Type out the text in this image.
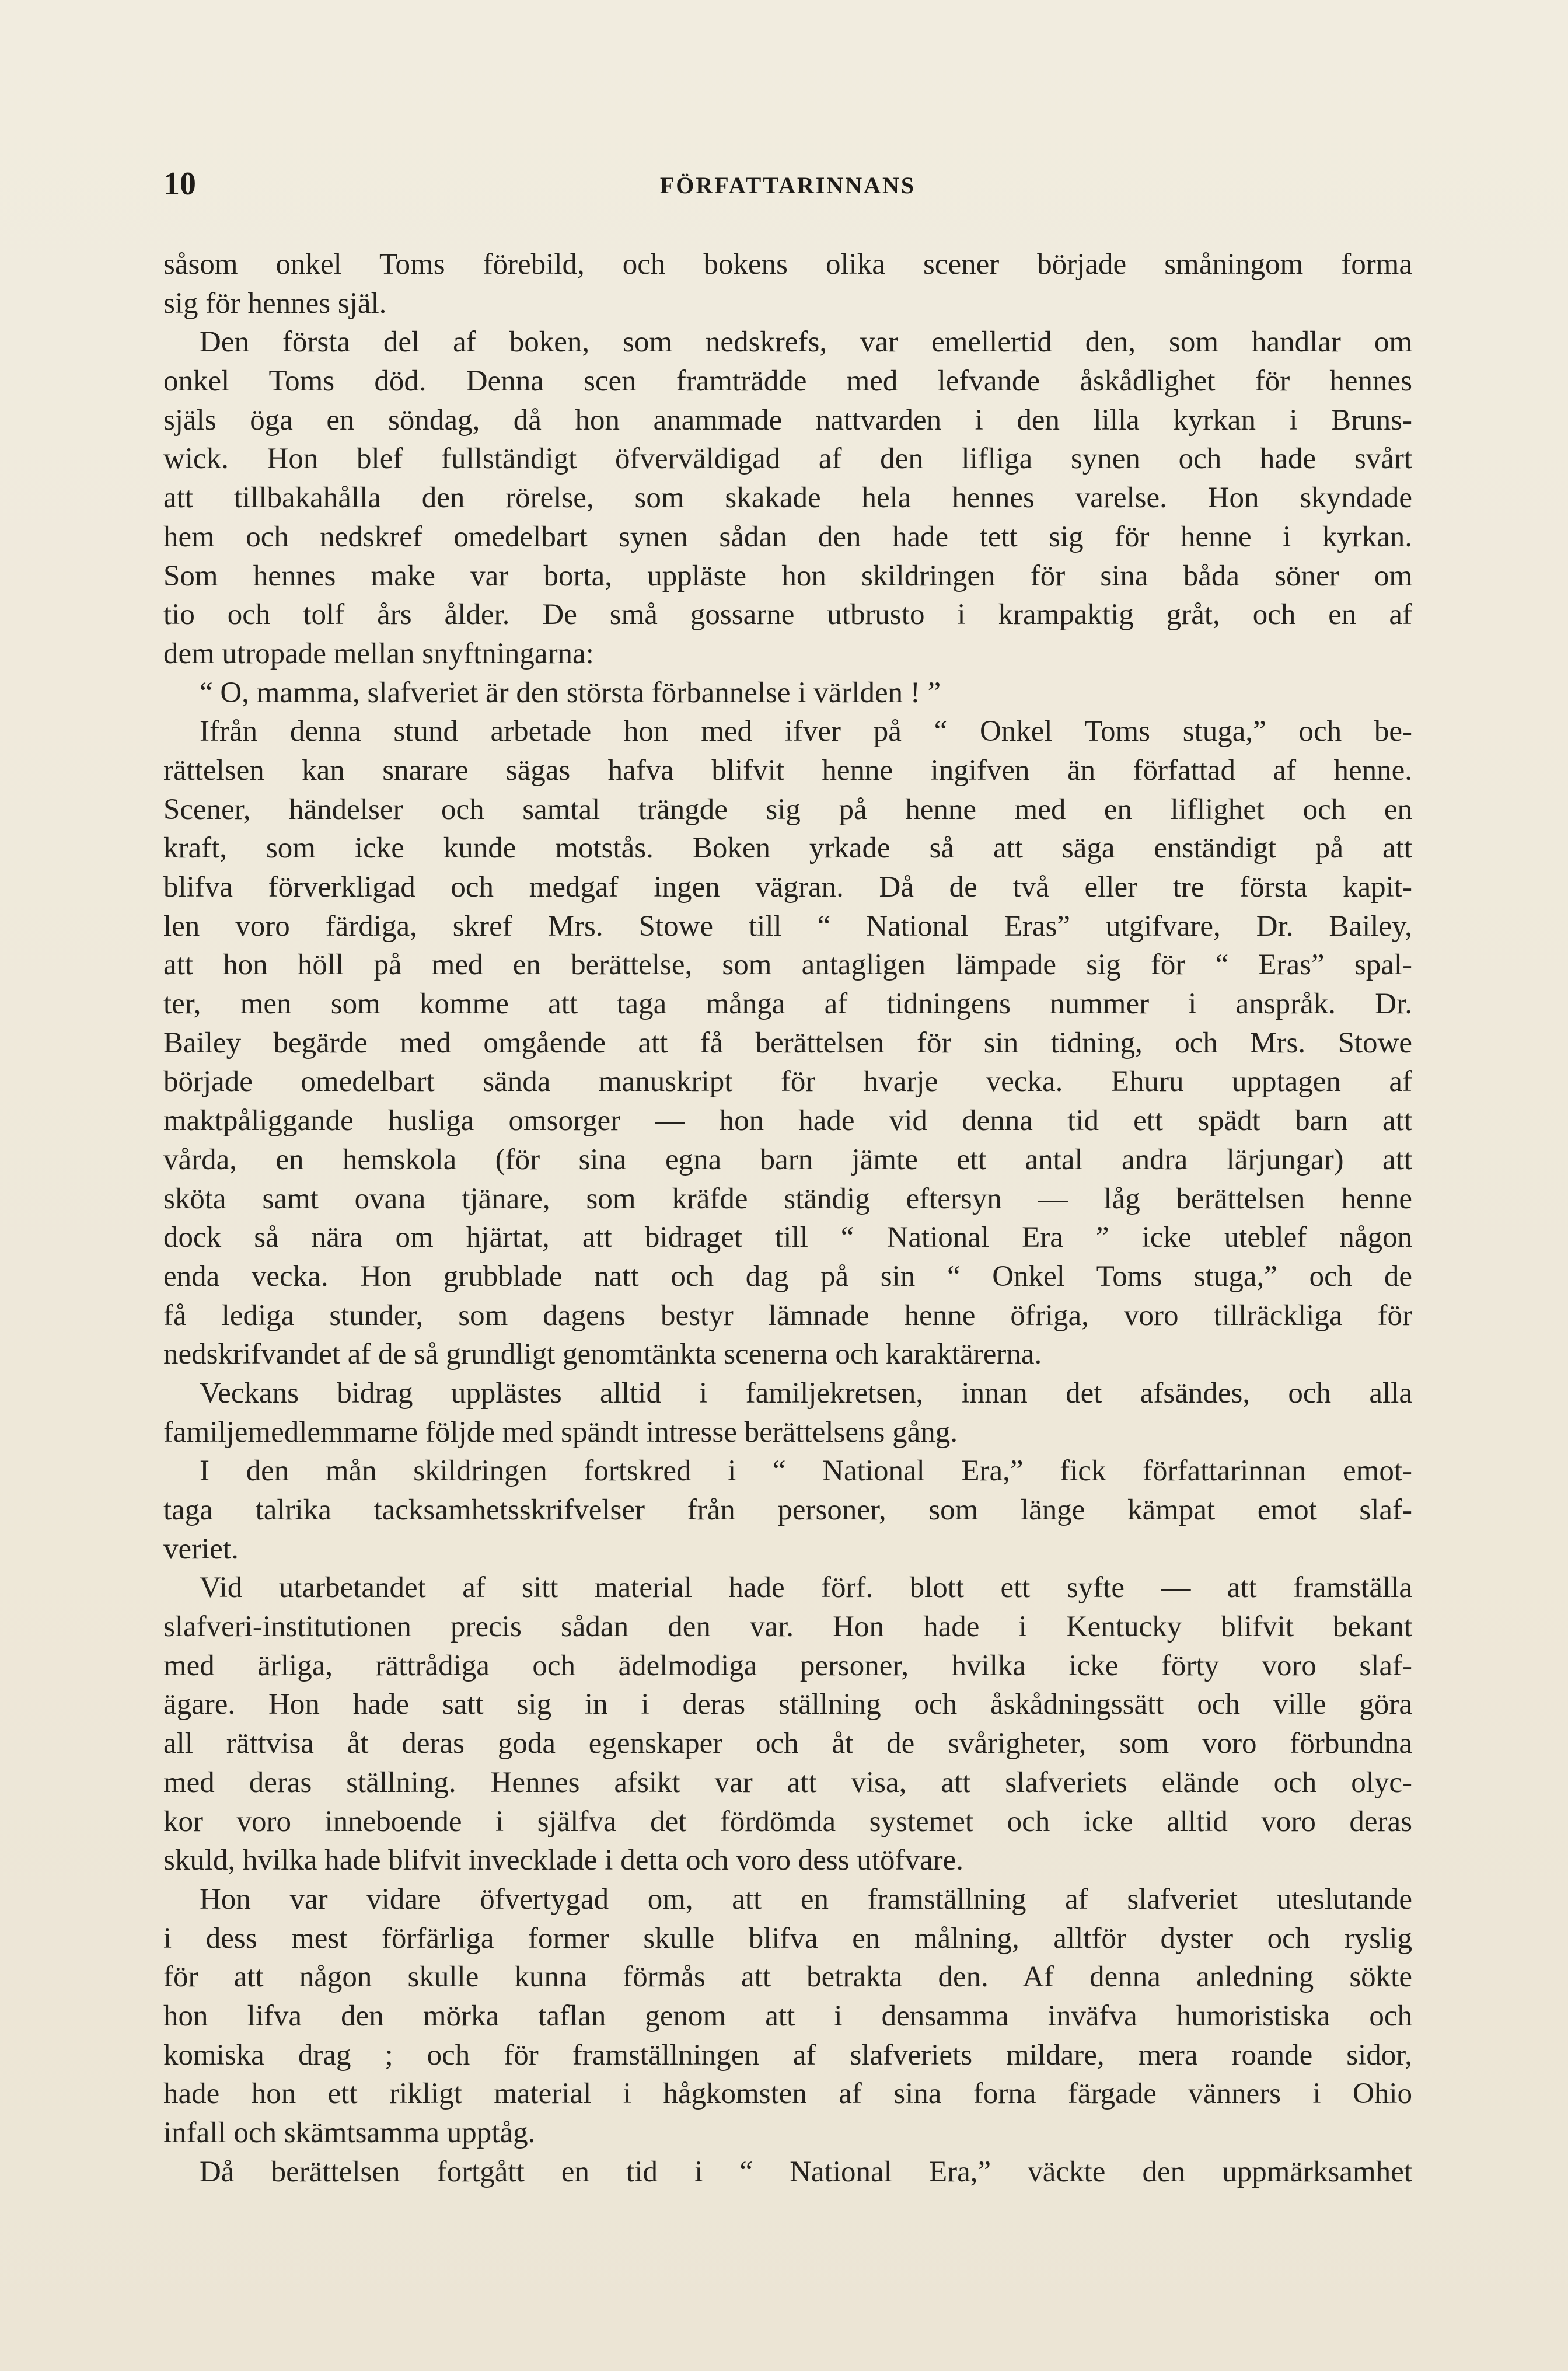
10	FÖRFATTARINNANS
såsom onkel Toms förebild, och bokens olika scener började småningom forma
sig för hennes själ.
Den första del af boken, som nedskrefs, var emellertid den, som handlar om
onkel Toms död. Denna scen framträdde med lefvande åskådlighet för hennes
själs öga en söndag, då hon anammade nattvarden i den lilla kyrkan i Bruns-
wick. Hon blef fullständigt öfverväldigad af den lifliga synen och hade svårt
att tillbakahålla den rörelse, som skakade hela hennes varelse. Hon skyndade
hem och nedskref omedelbart synen sådan den hade tett sig för henne i kyrkan.
Som hennes make var borta, uppläste hon skildringen för sina båda söner om
tio och tolf års ålder. De små gossarne utbrusto i krampaktig gråt, och en af
dem utropade mellan snyftningarna:
“ O, mamma, slafveriet är den största förbannelse i världen ! ”
Ifrån denna stund arbetade hon med ifver på “ Onkel Toms stuga,” och be-
rättelsen kan snarare sägas hafva blifvit henne ingifven än författad af henne.
Scener, händelser och samtal trängde sig på henne med en liflighet och en
kraft, som icke kunde motstås. Boken yrkade så att säga enständigt på att
blifva förverkligad och medgaf ingen vägran. Då de två eller tre första kapit-
len voro färdiga, skref Mrs. Stowe till “ National Eras” utgifvare, Dr. Bailey,
att hon höll på med en berättelse, som antagligen lämpade sig för “ Eras” spal-
ter, men som komme att taga många af tidningens nummer i anspråk. Dr.
Bailey begärde med omgående att få berättelsen för sin tidning, och Mrs. Stowe
började omedelbart sända manuskript för hvarje vecka. Ehuru upptagen af
maktpåliggande husliga omsorger — hon hade vid denna tid ett spädt barn att
vårda, en hemskola (för sina egna barn jämte ett antal andra lärjungar) att
sköta samt ovana tjänare, som kräfde ständig eftersyn — låg berättelsen henne
dock så nära om hjärtat, att bidraget till “ National Era ” icke uteblef någon
enda vecka. Hon grubblade natt och dag på sin “ Onkel Toms stuga,” och de
få lediga stunder, som dagens bestyr lämnade henne öfriga, voro tillräckliga för
nedskrifvandet af de så grundligt genomtänkta scenerna och karaktärerna.
Veckans bidrag upplästes alltid i familjekretsen, innan det afsändes, och alla
familjemedlemmarne följde med spändt intresse berättelsens gång.
I den mån skildringen fortskred i “ National Era,” fick författarinnan emot-
taga talrika tacksamhetsskrifvelser från personer, som länge kämpat emot slaf-
veriet.
Vid utarbetandet af sitt material hade förf. blott ett syfte — att framställa
slafveri-institutionen precis sådan den var. Hon hade i Kentucky blifvit bekant
med ärliga, rättrådiga och ädelmodiga personer, hvilka icke förty voro slaf-
ägare. Hon hade satt sig in i deras ställning och åskådningssätt och ville göra
all rättvisa åt deras goda egenskaper och åt de svårigheter, som voro förbundna
med deras ställning. Hennes afsikt var att visa, att slafveriets elände och olyc-
kor voro inneboende i själfva det fördömda systemet och icke alltid voro deras
skuld, hvilka hade blifvit invecklade i detta och voro dess utöfvare.
Hon var vidare öfvertygad om, att en framställning af slafveriet uteslutande
i dess mest förfärliga former skulle blifva en målning, alltför dyster och ryslig
för att någon skulle kunna förmås att betrakta den. Af denna anledning sökte
hon lifva den mörka taflan genom att i densamma inväfva humoristiska och
komiska drag ; och för framställningen af slafveriets mildare, mera roande sidor,
hade hon ett rikligt material i hågkomsten af sina forna färgade vänners i Ohio
infall och skämtsamma upptåg.
Då berättelsen fortgått en tid i “ National Era,” väckte den uppmärksamhet
